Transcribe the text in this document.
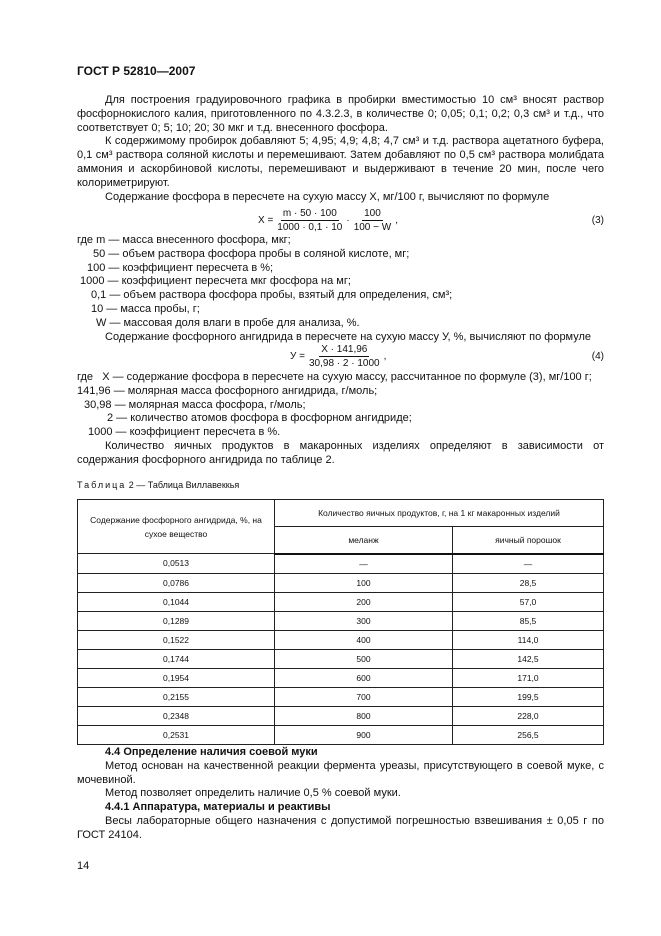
ГОСТ Р 52810—2007

Для построения градуировочного графика в пробирки вместимостью 10 см³ вносят раствор фосфорнокислого калия, приготовленного по 4.3.2.3, в количестве 0; 0,05; 0,1; 0,2; 0,3 см³ и т.д., что соответствует 0; 5; 10; 20; 30 мкг и т.д. внесенного фосфора.

К содержимому пробирок добавляют 5; 4,95; 4,9; 4,8; 4,7 см³ и т.д. раствора ацетатного буфера, 0,1 см³ раствора соляной кислоты и перемешивают. Затем добавляют по 0,5 см³ раствора молибдата аммония и аскорбиновой кислоты, перемешивают и выдерживают в течение 20 мин, после чего колориметрируют.

Содержание фосфора в пересчете на сухую массу X, мг/100 г, вычисляют по формуле

$X = \frac{m \cdot 50 \cdot 100}{1000 \cdot 0,1 \cdot 10} \cdot \frac{100}{100 - W}$ ,	(3)
где m — масса внесенного фосфора, мкг;
50 — объем раствора фосфора пробы в соляной кислоте, мг;
100 — коэффициент пересчета в %;
1000 — коэффициент пересчета мкг фосфора на мг;
0,1 — объем раствора фосфора пробы, взятый для определения, см³;
10 — масса пробы, г;
W — массовая доля влаги в пробе для анализа, %.

Содержание фосфорного ангидрида в пересчете на сухую массу У, %, вычисляют по формуле

$У = \frac{X \cdot 141,96}{30,98 \cdot 2 \cdot 1000}$ ,	(4)
где   X — содержание фосфора в пересчете на сухую массу, рассчитанное по формуле (3), мг/100 г;
141,96 — молярная масса фосфорного ангидрида, г/моль;
30,98 — молярная масса фосфора, г/моль;
2 — количество атомов фосфора в фосфорном ангидриде;
1000 — коэффициент пересчета в %.

Количество яичных продуктов в макаронных изделиях определяют в зависимости от содержания фосфорного ангидрида по таблице 2.

Таблица 2 — Таблица Виллавеккья
Содержание фосфорного ангидрида, %, на сухое вещество	Количество яичных продуктов, г, на 1 кг макаронных изделий	
	меланж	яичный порошок
0,0513	—	—
0,0786	100	28,5
0,1044	200	57,0
0,1289	300	85,5
0,1522	400	114,0
0,1744	500	142,5
0,1954	600	171,0
0,2155	700	199,5
0,2348	800	228,0
0,2531	900	256,5

4.4 Определение наличия соевой муки

Метод основан на качественной реакции фермента уреазы, присутствующего в соевой муке, с мочевиной.

Метод позволяет определить наличие 0,5 % соевой муки.

4.4.1 Аппаратура, материалы и реактивы

Весы лабораторные общего назначения с допустимой погрешностью взвешивания ± 0,05 г по ГОСТ 24104.

14
